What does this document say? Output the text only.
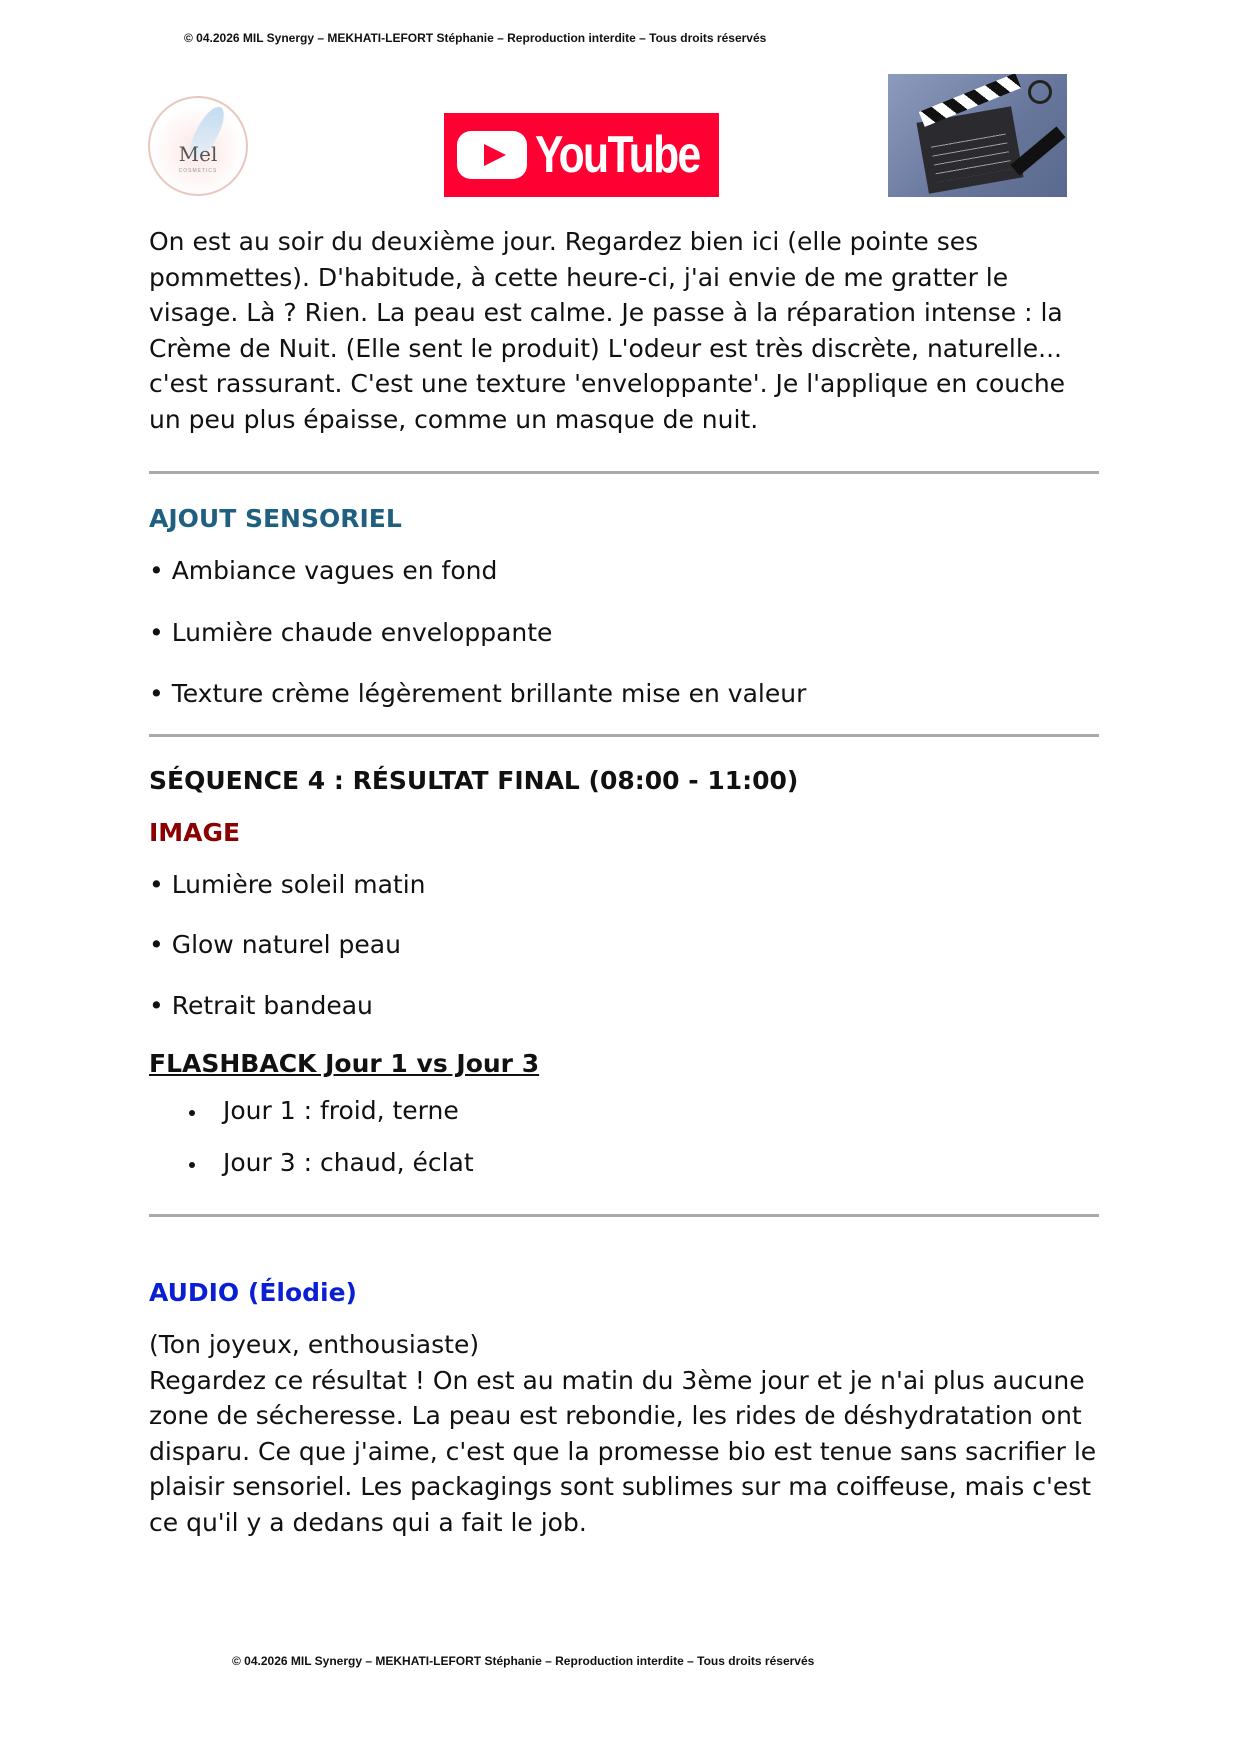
© 04.2026 MIL Synergy – MEKHATI-LEFORT Stéphanie – Reproduction interdite – Tous droits réservés
Mel
COSMETICS	YouTube

On est au soir du deuxième jour. Regardez bien ici (elle pointe ses pommettes). D'habitude, à cette heure-ci, j'ai envie de me gratter le visage. Là ? Rien. La peau est calme. Je passe à la réparation intense : la Crème de Nuit. (Elle sent le produit) L'odeur est très discrète, naturelle... c'est rassurant. C'est une texture 'enveloppante'. Je l'applique en couche un peu plus épaisse, comme un masque de nuit.

AJOUT SENSORIEL

• Ambiance vagues en fond

• Lumière chaude enveloppante

• Texture crème légèrement brillante mise en valeur

SÉQUENCE 4 : RÉSULTAT FINAL (08:00 - 11:00)
IMAGE

• Lumière soleil matin

• Glow naturel peau

• Retrait bandeau

FLASHBACK Jour 1 vs Jour 3
Jour 1 : froid, terne
Jour 3 : chaud, éclat
AUDIO (Élodie)

(Ton joyeux, enthousiaste)

Regardez ce résultat ! On est au matin du 3ème jour et je n'ai plus aucune zone de sécheresse. La peau est rebondie, les rides de déshydratation ont disparu. Ce que j'aime, c'est que la promesse bio est tenue sans sacrifier le plaisir sensoriel. Les packagings sont sublimes sur ma coiffeuse, mais c'est ce qu'il y a dedans qui a fait le job.

© 04.2026 MIL Synergy – MEKHATI-LEFORT Stéphanie – Reproduction interdite – Tous droits réservés
